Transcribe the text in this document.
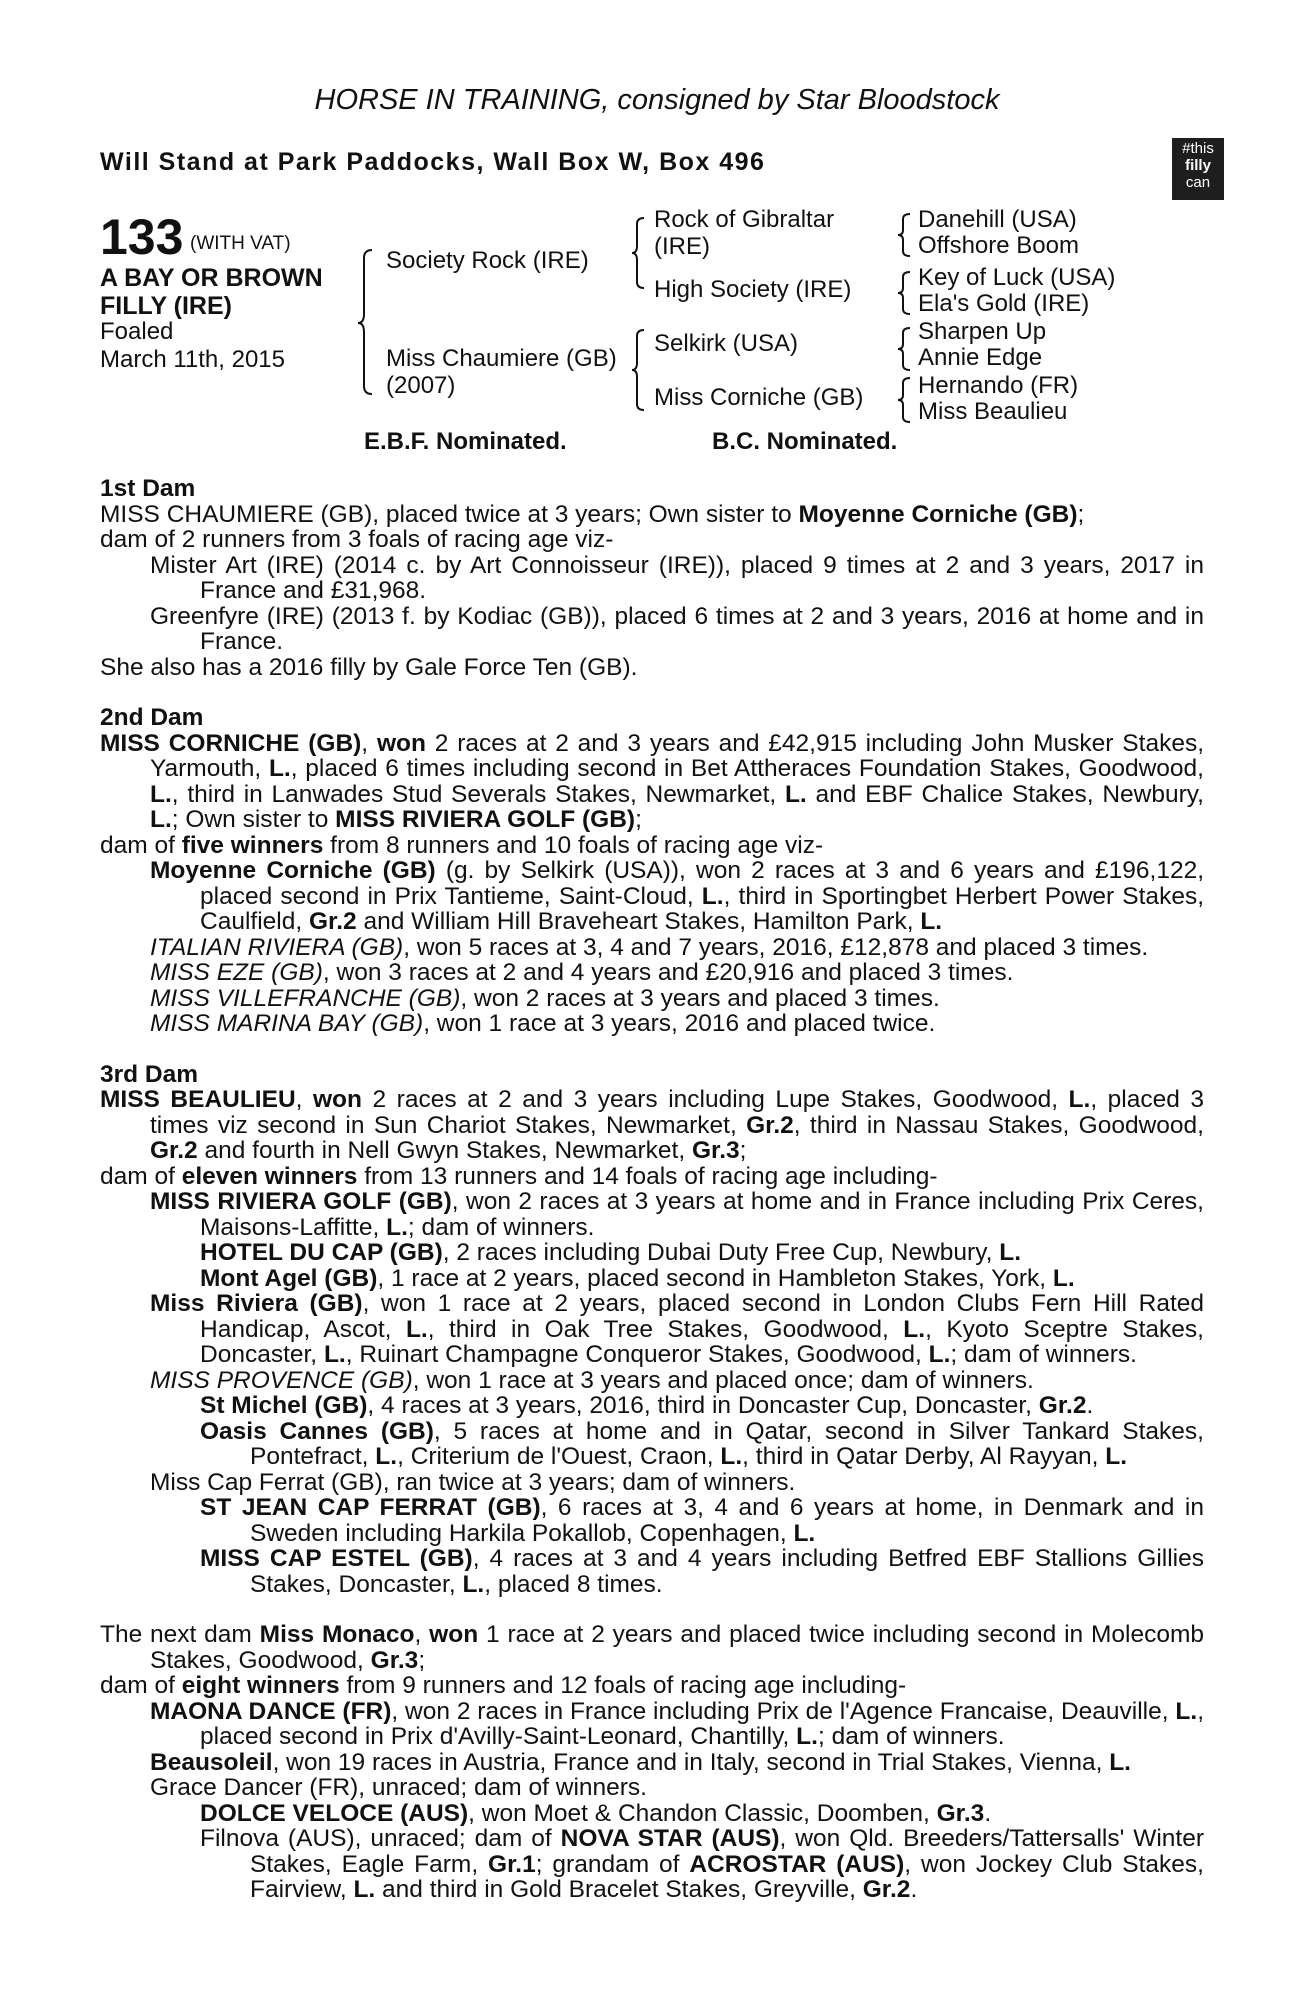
HORSE IN TRAINING, consigned by Star Bloodstock
Will Stand at Park Paddocks, Wall Box W, Box 496	#this
filly
can
133 (WITH VAT)
A BAY OR BROWN
FILLY (IRE)
Foaled
March 11th, 2015
Society Rock (IRE)
Miss Chaumiere (GB)
(2007)
Rock of Gibraltar
(IRE)
High Society (IRE)
Selkirk (USA)
Miss Corniche (GB)
Danehill (USA)
Offshore Boom
Key of Luck (USA)
Ela's Gold (IRE)
Sharpen Up
Annie Edge
Hernando (FR)
Miss Beaulieu
E.B.F. Nominated.	B.C. Nominated.

1st Dam

MISS CHAUMIERE (GB), placed twice at 3 years; Own sister to Moyenne Corniche (GB);

dam of 2 runners from 3 foals of racing age viz-

Mister Art (IRE) (2014 c. by Art Connoisseur (IRE)), placed 9 times at 2 and 3 years, 2017 in France and £31,968.

Greenfyre (IRE) (2013 f. by Kodiac (GB)), placed 6 times at 2 and 3 years, 2016 at home and in France.

She also has a 2016 filly by Gale Force Ten (GB).

2nd Dam

MISS CORNICHE (GB), won 2 races at 2 and 3 years and £42,915 including John Musker Stakes, Yarmouth, L., placed 6 times including second in Bet Attheraces Foundation Stakes, Goodwood, L., third in Lanwades Stud Severals Stakes, Newmarket, L. and EBF Chalice Stakes, Newbury, L.; Own sister to MISS RIVIERA GOLF (GB);

dam of five winners from 8 runners and 10 foals of racing age viz-

Moyenne Corniche (GB) (g. by Selkirk (USA)), won 2 races at 3 and 6 years and £196,122, placed second in Prix Tantieme, Saint-Cloud, L., third in Sportingbet Herbert Power Stakes, Caulfield, Gr.2 and William Hill Braveheart Stakes, Hamilton Park, L.

ITALIAN RIVIERA (GB), won 5 races at 3, 4 and 7 years, 2016, £12,878 and placed 3 times.

MISS EZE (GB), won 3 races at 2 and 4 years and £20,916 and placed 3 times.

MISS VILLEFRANCHE (GB), won 2 races at 3 years and placed 3 times.

MISS MARINA BAY (GB), won 1 race at 3 years, 2016 and placed twice.

3rd Dam

MISS BEAULIEU, won 2 races at 2 and 3 years including Lupe Stakes, Goodwood, L., placed 3 times viz second in Sun Chariot Stakes, Newmarket, Gr.2, third in Nassau Stakes, Goodwood, Gr.2 and fourth in Nell Gwyn Stakes, Newmarket, Gr.3;

dam of eleven winners from 13 runners and 14 foals of racing age including-

MISS RIVIERA GOLF (GB), won 2 races at 3 years at home and in France including Prix Ceres, Maisons-Laffitte, L.; dam of winners.

HOTEL DU CAP (GB), 2 races including Dubai Duty Free Cup, Newbury, L.

Mont Agel (GB), 1 race at 2 years, placed second in Hambleton Stakes, York, L.

Miss Riviera (GB), won 1 race at 2 years, placed second in London Clubs Fern Hill Rated Handicap, Ascot, L., third in Oak Tree Stakes, Goodwood, L., Kyoto Sceptre Stakes, Doncaster, L., Ruinart Champagne Conqueror Stakes, Goodwood, L.; dam of winners.

MISS PROVENCE (GB), won 1 race at 3 years and placed once; dam of winners.

St Michel (GB), 4 races at 3 years, 2016, third in Doncaster Cup, Doncaster, Gr.2.

Oasis Cannes (GB), 5 races at home and in Qatar, second in Silver Tankard Stakes, Pontefract, L., Criterium de l'Ouest, Craon, L., third in Qatar Derby, Al Rayyan, L.

Miss Cap Ferrat (GB), ran twice at 3 years; dam of winners.

ST JEAN CAP FERRAT (GB), 6 races at 3, 4 and 6 years at home, in Denmark and in Sweden including Harkila Pokallob, Copenhagen, L.

MISS CAP ESTEL (GB), 4 races at 3 and 4 years including Betfred EBF Stallions Gillies Stakes, Doncaster, L., placed 8 times.

The next dam Miss Monaco, won 1 race at 2 years and placed twice including second in Molecomb Stakes, Goodwood, Gr.3;

dam of eight winners from 9 runners and 12 foals of racing age including-

MAONA DANCE (FR), won 2 races in France including Prix de l'Agence Francaise, Deauville, L., placed second in Prix d'Avilly-Saint-Leonard, Chantilly, L.; dam of winners.

Beausoleil, won 19 races in Austria, France and in Italy, second in Trial Stakes, Vienna, L.

Grace Dancer (FR), unraced; dam of winners.

DOLCE VELOCE (AUS), won Moet & Chandon Classic, Doomben, Gr.3.

Filnova (AUS), unraced; dam of NOVA STAR (AUS), won Qld. Breeders/Tattersalls' Winter Stakes, Eagle Farm, Gr.1; grandam of ACROSTAR (AUS), won Jockey Club Stakes, Fairview, L. and third in Gold Bracelet Stakes, Greyville, Gr.2.
